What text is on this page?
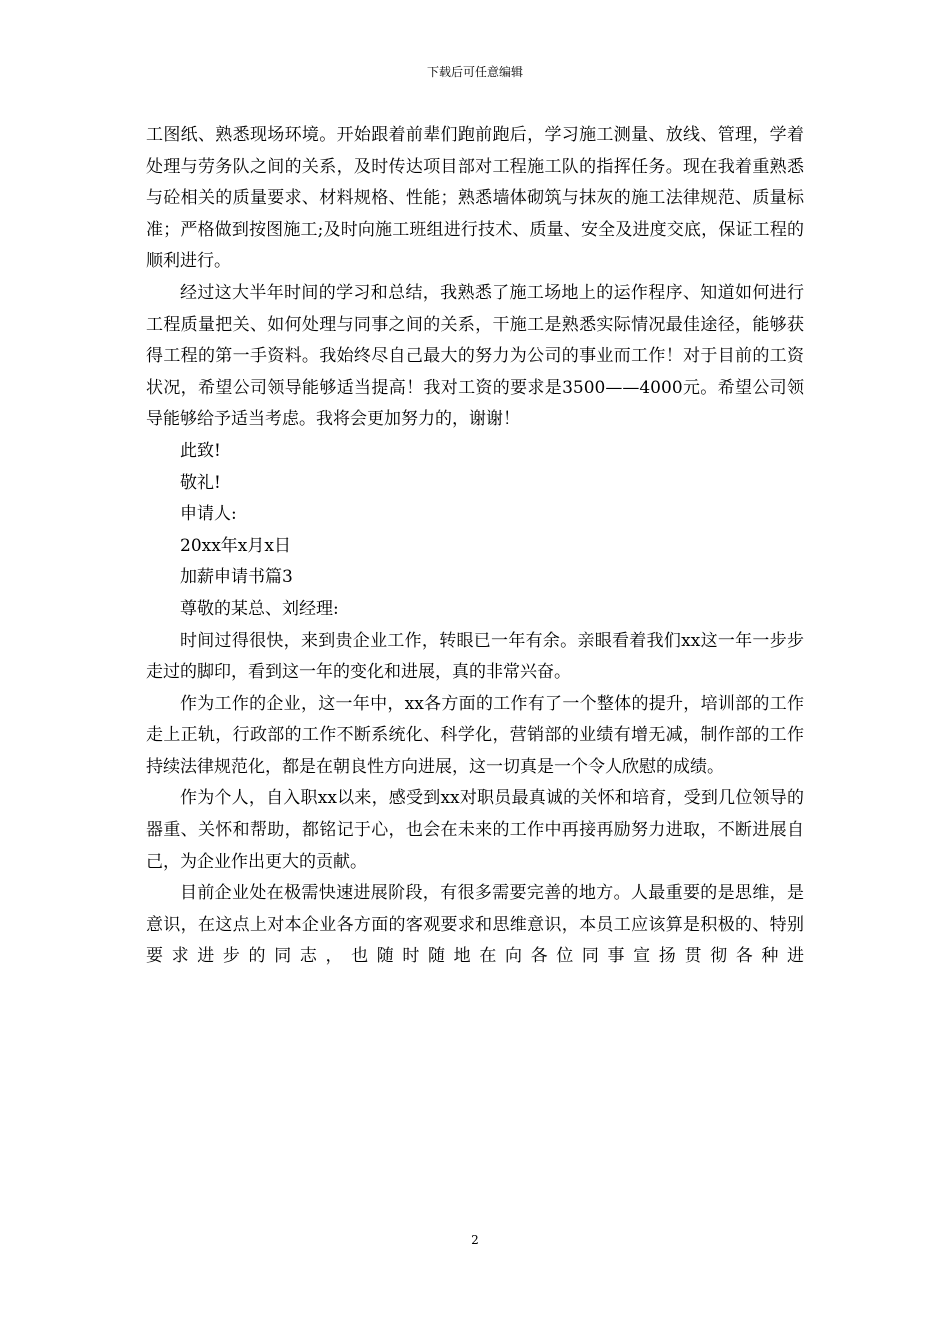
下载后可任意编辑

工图纸、熟悉现场环境。开始跟着前辈们跑前跑后，学习施工测量、放线、管理，学着处理与劳务队之间的关系，及时传达项目部对工程施工队的指挥任务。现在我着重熟悉与砼相关的质量要求、材料规格、性能；熟悉墙体砌筑与抹灰的施工法律规范、质量标准；严格做到按图施工;及时向施工班组进行技术、质量、安全及进度交底，保证工程的顺利进行。

经过这大半年时间的学习和总结，我熟悉了施工场地上的运作程序、知道如何进行工程质量把关、如何处理与同事之间的关系，干施工是熟悉实际情况最佳途径，能够获得工程的第一手资料。我始终尽自己最大的努力为公司的事业而工作！对于目前的工资状况，希望公司领导能够适当提高！我对工资的要求是3500——4000元。希望公司领导能够给予适当考虑。我将会更加努力的，谢谢！

此致!

敬礼!

申请人:

20xx年x月x日

加薪申请书篇3

尊敬的某总、刘经理:

时间过得很快，来到贵企业工作，转眼已一年有余。亲眼看着我们xx这一年一步步走过的脚印，看到这一年的变化和进展，真的非常兴奋。

作为工作的企业，这一年中，xx各方面的工作有了一个整体的提升，培训部的工作走上正轨，行政部的工作不断系统化、科学化，营销部的业绩有增无减，制作部的工作持续法律规范化，都是在朝良性方向进展，这一切真是一个令人欣慰的成绩。

作为个人，自入职xx以来，感受到xx对职员最真诚的关怀和培育，受到几位领导的器重、关怀和帮助，都铭记于心，也会在未来的工作中再接再励努力进取，不断进展自己，为企业作出更大的贡献。

目前企业处在极需快速进展阶段，有很多需要完善的地方。人最重要的是思维，是意识，在这点上对本企业各方面的客观要求和思维意识，本员工应该算是积极的、特别要求进步的同志，也随时随地在向各位同事宣扬贯彻各种进

2
